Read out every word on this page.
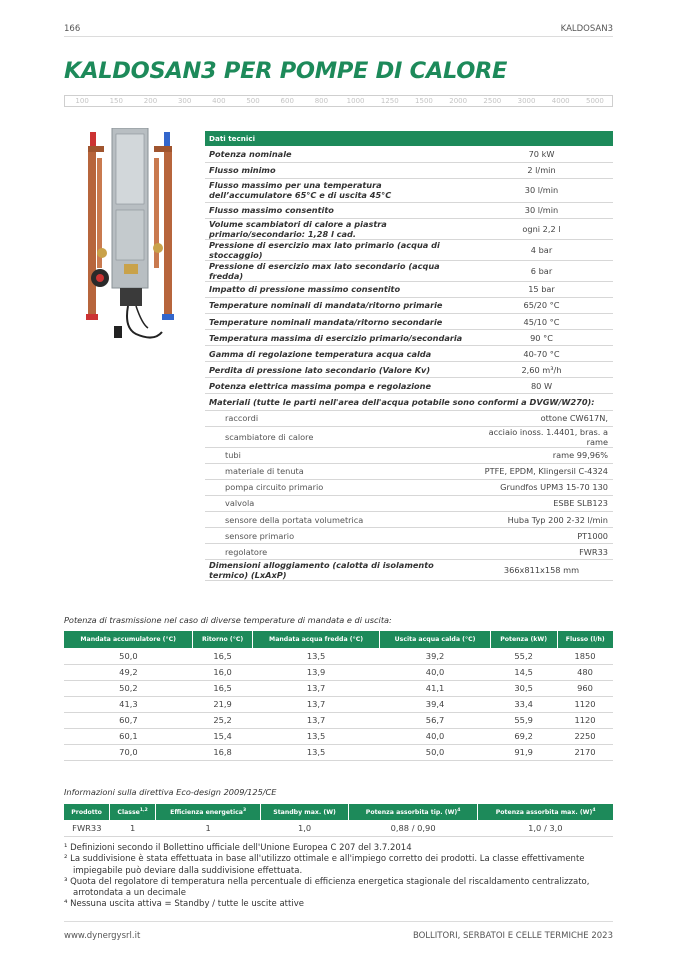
166	KALDOSAN3
KALDOSAN3 PER POMPE DI CALORE
100	150	200	300	400	500	600	800	1000	1250	1500	2000	2500	3000	4000	5000
Dati tecnici	
Potenza nominale	70 kW
Flusso minimo	2 l/min
Flusso massimo per una temperatura dell’accumulatore 65°C e di uscita 45°C	30 l/min
Flusso massimo consentito	30 l/min
Volume scambiatori di calore a piastra primario/secondario: 1,28 l cad.	ogni 2,2 l
Pressione di esercizio max lato primario (acqua di stoccaggio)	4 bar
Pressione di esercizio max lato secondario (acqua fredda)	6 bar
Impatto di pressione massimo consentito	15 bar
Temperature nominali di mandata/ritorno primarie	65/20 °C
Temperature nominali mandata/ritorno secondarie	45/10 °C
Temperatura massima di esercizio primario/secondaria	90 °C
Gamma di regolazione temperatura acqua calda	40-70 °C
Perdita di pressione lato secondario (Valore Kv)	2,60 m³/h
Potenza elettrica massima pompa e regolazione	80 W
Materiali (tutte le parti nell'area dell'acqua potabile sono conformi a DVGW/W270):	
raccordi	ottone CW617N,
scambiatore di calore	acciaio inoss. 1.4401, bras. a rame
tubi	rame 99,96%
materiale di tenuta	PTFE, EPDM, Klingersil C-4324
pompa circuito primario	Grundfos UPM3 15-70 130
valvola	ESBE SLB123
sensore della portata volumetrica	Huba Typ 200 2-32 l/min
sensore primario	PT1000
regolatore	FWR33
Dimensioni alloggiamento (calotta di isolamento termico) (LxAxP)	366x811x158 mm
Potenza di trasmissione nel caso di diverse temperature di mandata e di uscita:
Mandata accumulatore (°C)	Ritorno (°C)	Mandata acqua fredda (°C)	Uscita acqua calda (°C)	Potenza (kW)	Flusso (l/h)
50,0	16,5	13,5	39,2	55,2	1850
49,2	16,0	13,9	40,0	14,5	480
50,2	16,5	13,7	41,1	30,5	960
41,3	21,9	13,7	39,4	33,4	1120
60,7	25,2	13,7	56,7	55,9	1120
60,1	15,4	13,5	40,0	69,2	2250
70,0	16,8	13,5	50,0	91,9	2170
Informazioni sulla direttiva Eco-design 2009/125/CE
Prodotto	Classe$^{1,2}$	Efficienza energetica$^3$	Standby max. (W)	Potenza assorbita tip. $(W)^4$	Potenza assorbita max. $(W)^4$
FWR33	1	1	1,0	0,88 / 0,90	1,0 / 3,0

¹ Definizioni secondo il Bollettino ufficiale dell'Unione Europea C 207 del 3.7.2014

² La suddivisione è stata effettuata in base all'utilizzo ottimale e all'impiego corretto dei prodotti. La classe effettivamente impiegabile può deviare dalla suddivisione effettuata.

³ Quota del regolatore di temperatura nella percentuale di efficienza energetica stagionale del riscaldamento centralizzato, arrotondata a un decimale

⁴ Nessuna uscita attiva = Standby / tutte le uscite attive

www.dynergysrl.it	BOLLITORI, SERBATOI E CELLE TERMICHE 2023
